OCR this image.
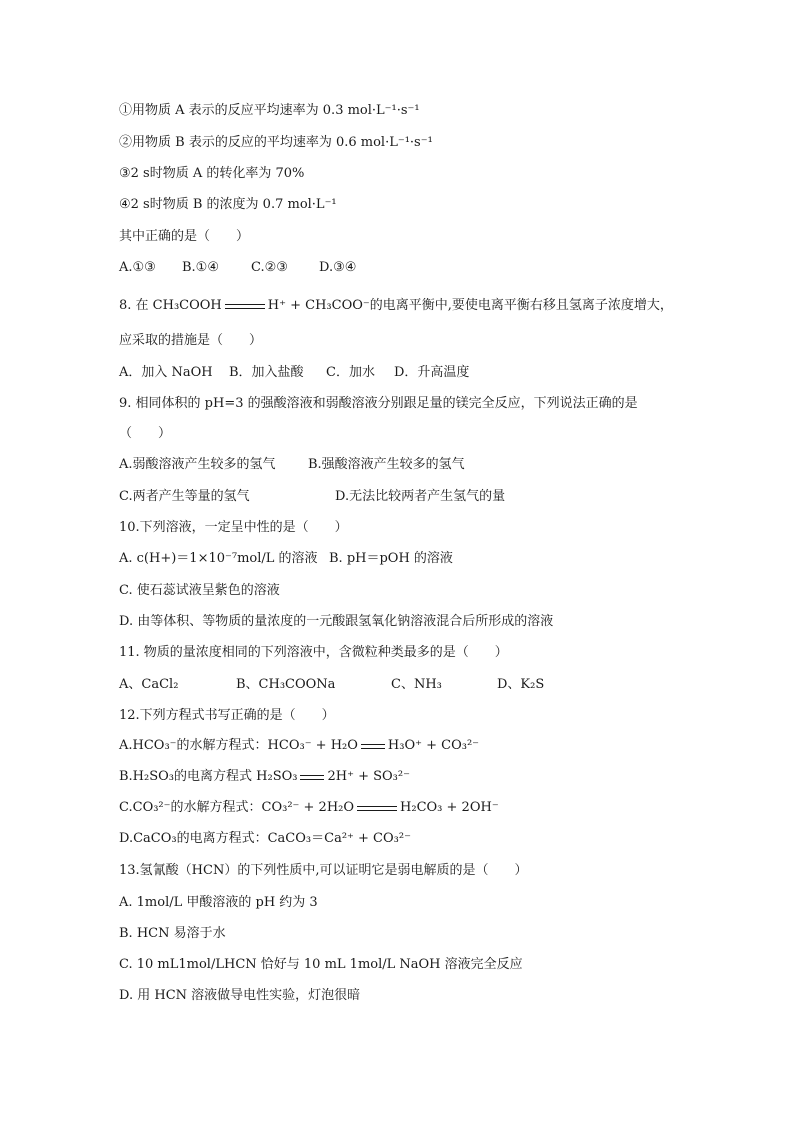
①用物质 A 表示的反应平均速率为 0.3 mol·L⁻¹·s⁻¹
②用物质 B 表示的反应的平均速率为 0.6 mol·L⁻¹·s⁻¹
③2 s时物质 A 的转化率为 70%
④2 s时物质 B 的浓度为 0.7 mol·L⁻¹
其中正确的是（　　）
A.①③ B.①④ C.②③ D.③④
8. 在 CH₃COOH	H⁺ + CH₃COO⁻的电离平衡中,要使电离平衡右移且氢离子浓度增大，
应采取的措施是（　　）
A．加入 NaOH B．加入盐酸 C．加水 D．升高温度
9. 相同体积的 pH=3 的强酸溶液和弱酸溶液分别跟足量的镁完全反应，下列说法正确的是
（　　）
A.弱酸溶液产生较多的氢气 B.强酸溶液产生较多的氢气
C.两者产生等量的氢气	D.无法比较两者产生氢气的量
10.下列溶液，一定呈中性的是（　　）
A. c(H+)＝1×10⁻⁷mol/L 的溶液 B. pH＝pOH 的溶液
C. 使石蕊试液呈紫色的溶液
D. 由等体积、等物质的量浓度的一元酸跟氢氧化钠溶液混合后所形成的溶液
11. 物质的量浓度相同的下列溶液中，含微粒种类最多的是（　　）
A、CaCl₂	B、CH₃COONa	C、NH₃	D、K₂S
12.下列方程式书写正确的是（　　）
A.HCO₃⁻的水解方程式：HCO₃⁻ + H₂O H₃O⁺ + CO₃²⁻
B.H₂SO₃的电离方程式 H₂SO₃ 2H⁺ + SO₃²⁻
C.CO₃²⁻的水解方程式：CO₃²⁻ + 2H₂O	H₂CO₃ + 2OH⁻
D.CaCO₃的电离方程式：CaCO₃＝Ca²⁺ + CO₃²⁻
13.氢氰酸（HCN）的下列性质中,可以证明它是弱电解质的是（　　）
A. 1mol/L 甲酸溶液的 pH 约为 3
B. HCN 易溶于水
C. 10 mL1mol/LHCN 恰好与 10 mL 1mol/L NaOH 溶液完全反应
D. 用 HCN 溶液做导电性实验，灯泡很暗
